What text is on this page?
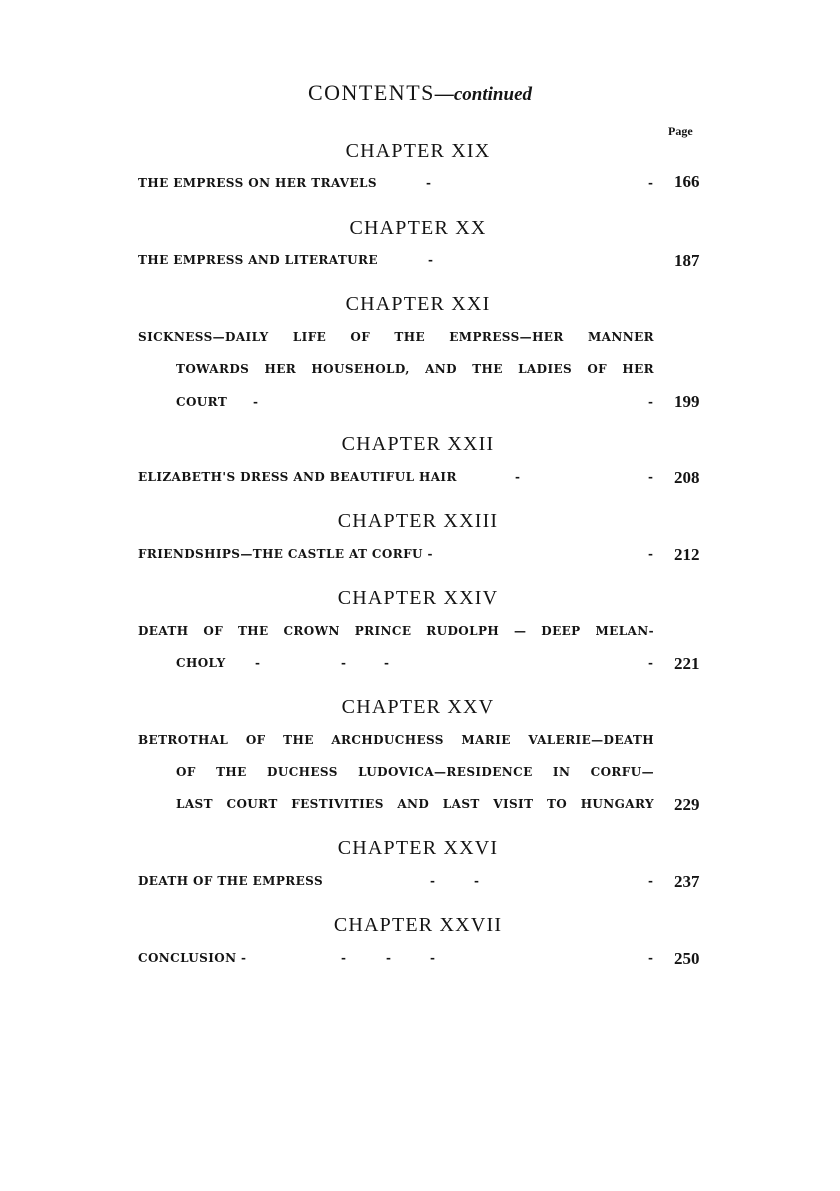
CONTENTS—continued
Page
CHAPTER XIX
THE EMPRESS ON HER TRAVELS	-	- 166
CHAPTER XX
THE EMPRESS AND LITERATURE	-	187
CHAPTER XXI
SICKNESS—DAILY LIFE OF THE EMPRESS—HER MANNER
TOWARDS HER HOUSEHOLD, AND THE LADIES OF HER
COURT -	- 199
CHAPTER XXII
ELIZABETH'S DRESS AND BEAUTIFUL HAIR	-	- 208
CHAPTER XXIII
FRIENDSHIPS—THE CASTLE AT CORFU -	- 212
CHAPTER XXIV
DEATH OF THE CROWN PRINCE RUDOLPH — DEEP MELAN-
CHOLY -	-	-	- 221
CHAPTER XXV
BETROTHAL OF THE ARCHDUCHESS MARIE VALERIE—DEATH
OF THE DUCHESS LUDOVICA—RESIDENCE IN CORFU—
LAST COURT FESTIVITIES AND LAST VISIT TO HUNGARY 229
CHAPTER XXVI
DEATH OF THE EMPRESS	-	-	- 237
CHAPTER XXVII
CONCLUSION -	-	-	-	- 250
